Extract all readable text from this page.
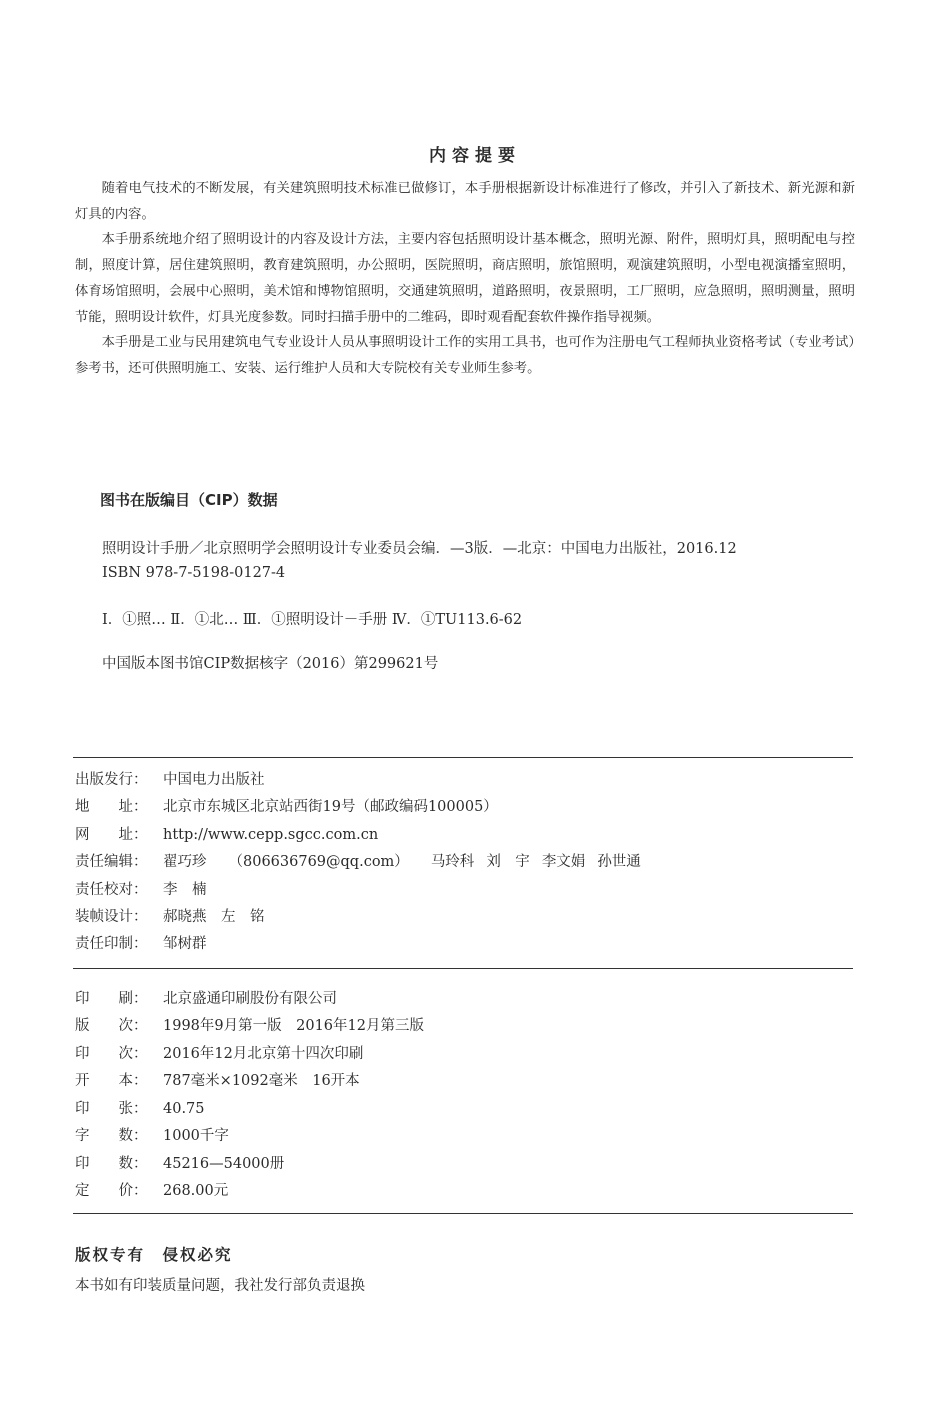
内容提要

随着电气技术的不断发展，有关建筑照明技术标准已做修订，本手册根据新设计标准进行了修改，并引入了新技术、新光源和新灯具的内容。

本手册系统地介绍了照明设计的内容及设计方法，主要内容包括照明设计基本概念，照明光源、附件，照明灯具，照明配电与控制，照度计算，居住建筑照明，教育建筑照明，办公照明，医院照明，商店照明，旅馆照明，观演建筑照明，小型电视演播室照明，体育场馆照明，会展中心照明，美术馆和博物馆照明，交通建筑照明，道路照明，夜景照明，工厂照明，应急照明，照明测量，照明节能，照明设计软件，灯具光度参数。同时扫描手册中的二维码，即时观看配套软件操作指导视频。

本手册是工业与民用建筑电气专业设计人员从事照明设计工作的实用工具书，也可作为注册电气工程师执业资格考试（专业考试）参考书，还可供照明施工、安装、运行维护人员和大专院校有关专业师生参考。

图书在版编目（CIP）数据
照明设计手册／北京照明学会照明设计专业委员会编．—3版．—北京：中国电力出版社，2016.12
ISBN 978-7-5198-0127-4
Ⅰ．①照… Ⅱ．①北… Ⅲ．①照明设计－手册 Ⅳ．①TU113.6-62
中国版本图书馆CIP数据核字（2016）第299621号
出版发行： 中国电力出版社
地　　址： 北京市东城区北京站西街19号（邮政编码100005）
网　　址： http://www.cepp.sgcc.com.cn
责任编辑： 翟巧珍 （806636769@qq.com） 马玲科 刘　宇 李文娟 孙世通
责任校对： 李　楠
装帧设计： 郝晓燕　左　铭
责任印制： 邹树群
印　　刷： 北京盛通印刷股份有限公司
版　　次： 1998年9月第一版　2016年12月第三版
印　　次： 2016年12月北京第十四次印刷
开　　本： 787毫米×1092毫米　16开本
印　　张： 40.75
字　　数： 1000千字
印　　数： 45216—54000册
定　　价： 268.00元
版权专有　侵权必究
本书如有印装质量问题，我社发行部负责退换
